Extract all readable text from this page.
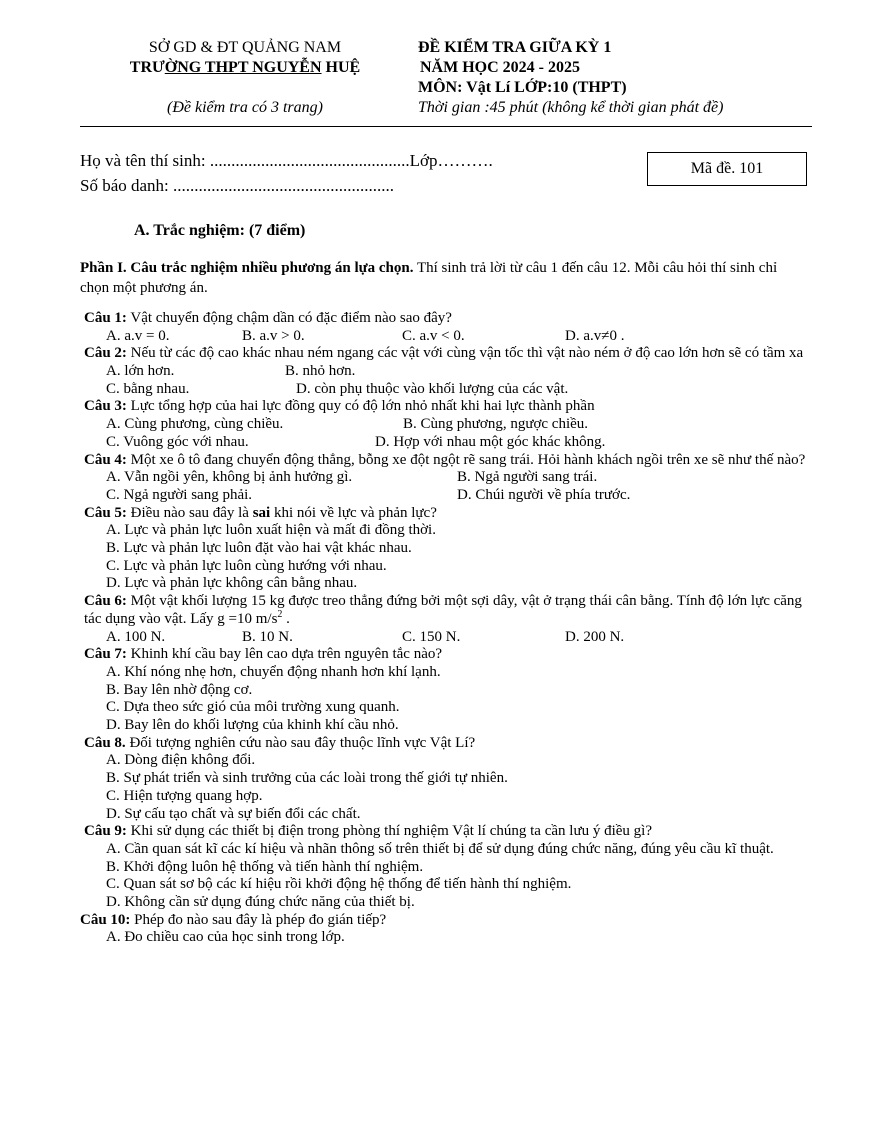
SỞ GD & ĐT QUẢNG NAM
TRƯỜNG THPT NGUYỄN HUỆ
(Đề kiểm tra có 3 trang)
ĐỀ KIỂM TRA GIỮA KỲ 1
NĂM HỌC 2024 - 2025
MÔN: Vật Lí LỚP:10 (THPT)
Thời gian :45 phút (không kể thời gian phát đề)
Họ và tên thí sinh: ...............................................Lớp……….
Số báo danh: ....................................................
Mã đề. 101
A. Trắc nghiệm: (7 điểm)
Phần I. Câu trắc nghiệm nhiều phương án lựa chọn. Thí sinh trả lời từ câu 1 đến câu 12. Mỗi câu hỏi thí sinh chỉ chọn một phương án.
Câu 1: Vật chuyển động chậm dần có đặc điểm nào sao đây?
A. a.v = 0.	B. a.v > 0.	C. a.v < 0.	D. a.v≠0 .
Câu 2: Nếu từ các độ cao khác nhau ném ngang các vật với cùng vận tốc thì vật nào ném ở độ cao lớn hơn sẽ có tầm xa
A. lớn hơn.	B. nhỏ hơn.
C. bằng nhau.	D. còn phụ thuộc vào khối lượng của các vật.
Câu 3: Lực tổng hợp của hai lực đồng quy có độ lớn nhỏ nhất khi hai lực thành phần
A. Cùng phương, cùng chiều.	B. Cùng phương, ngược chiều.
C. Vuông góc với nhau.	D. Hợp với nhau một góc khác không.
Câu 4: Một xe ô tô đang chuyển động thẳng, bỗng xe đột ngột rẽ sang trái. Hỏi hành khách ngồi trên xe sẽ như thế nào?
A. Vẫn ngồi yên, không bị ảnh hưởng gì.	B. Ngả người sang trái.
C. Ngả người sang phải.	D. Chúi người về phía trước.
Câu 5: Điều nào sau đây là sai khi nói về lực và phản lực?
A. Lực và phản lực luôn xuất hiện và mất đi đồng thời.
B. Lực và phản lực luôn đặt vào hai vật khác nhau.
C. Lực và phản lực luôn cùng hướng với nhau.
D. Lực và phản lực không cân bằng nhau.
Câu 6: Một vật khối lượng 15 kg được treo thẳng đứng bởi một sợi dây, vật ở trạng thái cân bằng. Tính độ lớn lực căng tác dụng vào vật. Lấy g =10 $m/s^2$ .
A. 100 N.	B. 10 N.	C. 150 N.	D. 200 N.
Câu 7: Khinh khí cầu bay lên cao dựa trên nguyên tắc nào?
A. Khí nóng nhẹ hơn, chuyển động nhanh hơn khí lạnh.
B. Bay lên nhờ động cơ.
C. Dựa theo sức gió của môi trường xung quanh.
D. Bay lên do khối lượng của khinh khí cầu nhỏ.
Câu 8. Đối tượng nghiên cứu nào sau đây thuộc lĩnh vực Vật Lí?
A. Dòng điện không đổi.
B. Sự phát triển và sinh trưởng của các loài trong thế giới tự nhiên.
C. Hiện tượng quang hợp.
D. Sự cấu tạo chất và sự biến đổi các chất.
Câu 9: Khi sử dụng các thiết bị điện trong phòng thí nghiệm Vật lí chúng ta cần lưu ý điều gì?
A. Cần quan sát kĩ các kí hiệu và nhãn thông số trên thiết bị để sử dụng đúng chức năng, đúng yêu cầu kĩ thuật.
B. Khởi động luôn hệ thống và tiến hành thí nghiệm.
C. Quan sát sơ bộ các kí hiệu rồi khởi động hệ thống để tiến hành thí nghiệm.
D. Không cần sử dụng đúng chức năng của thiết bị.
Câu 10: Phép đo nào sau đây là phép đo gián tiếp?
A. Đo chiều cao của học sinh trong lớp.
